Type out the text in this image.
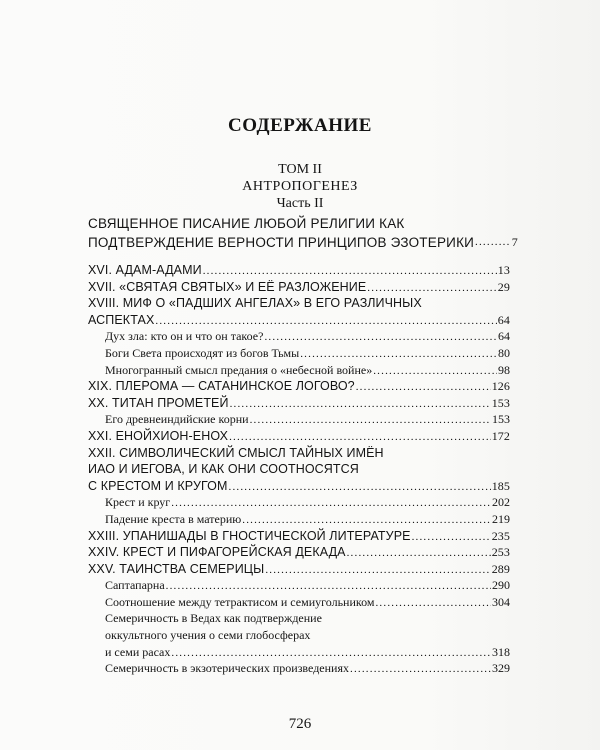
СОДЕРЖАНИЕ
ТОМ II
АНТРОПОГЕНЕЗ
Часть II
СВЯЩЕННОЕ ПИСАНИЕ ЛЮБОЙ РЕЛИГИИ КАК
ПОДТВЕРЖДЕНИЕ ВЕРНОСТИ ПРИНЦИПОВ ЭЗОТЕРИКИ .....	7
XVI. АДАМ-АДАМИ .....	13
XVII. «СВЯТАЯ СВЯТЫХ» И ЕЁ РАЗЛОЖЕНИЕ .....	29
XVIII. МИФ О «ПАДШИХ АНГЕЛАХ» В ЕГО РАЗЛИЧНЫХ
АСПЕКТАХ .....	64
Дух зла: кто он и что он такое? .....	64
Боги Света происходят из богов Тьмы .....	80
Многогранный смысл предания о «небесной войне» .....	98
XIX. ПЛЕРОМА — САТАНИНСКОЕ ЛОГОВО? .....	126
XX. ТИТАН ПРОМЕТЕЙ .....	153
Его древнеиндийские корни .....	153
XXI. ЕНОЙХИОН-ЕНОХ .....	172
XXII. СИМВОЛИЧЕСКИЙ СМЫСЛ ТАЙНЫХ ИМЁН
ИАО И ИЕГОВА, И КАК ОНИ СООТНОСЯТСЯ
С КРЕСТОМ И КРУГОМ .....	185
Крест и круг .....	202
Падение креста в материю .....	219
XXIII. УПАНИШАДЫ В ГНОСТИЧЕСКОЙ ЛИТЕРАТУРЕ .....	235
XXIV. КРЕСТ И ПИФАГОРЕЙСКАЯ ДЕКАДА .....	253
XXV. ТАИНСТВА СЕМЕРИЦЫ .....	289
Саптапарна .....	290
Соотношение между тетрактисом и семиугольником .....	304
Семеричность в Ведах как подтверждение
оккультного учения о семи глобосферах
и семи расах .....	318
Семеричность в экзотерических произведениях .....	329
726
